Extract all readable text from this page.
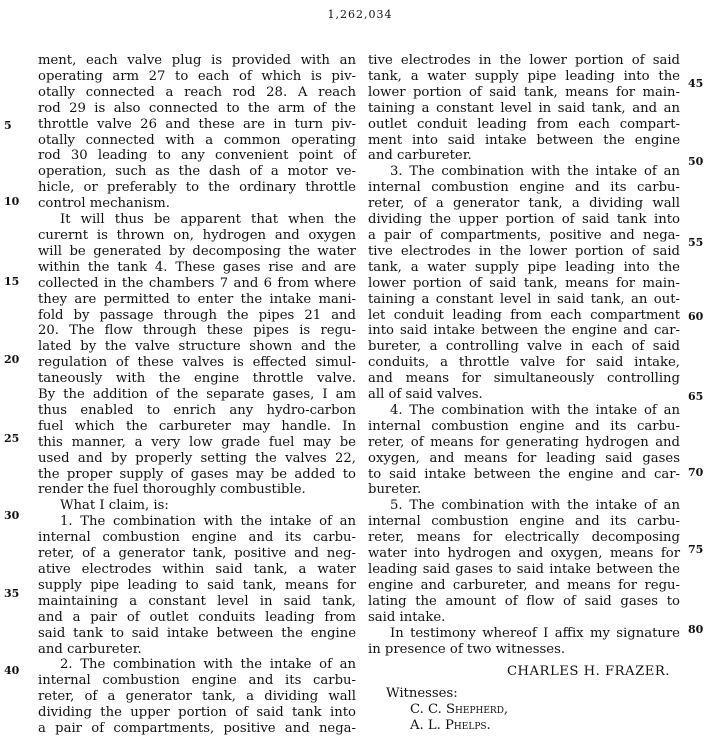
1,262,034

ment, each valve plug is provided with an
operating arm 27 to each of which is piv-
otally connected a reach rod 28. A reach
rod 29 is also connected to the arm of the
throttle valve 26 and these are in turn piv-
otally connected with a common operating
rod 30 leading to any convenient point of
operation, such as the dash of a motor ve-
hicle, or preferably to the ordinary throttle
control mechanism.

It will thus be apparent that when the
curernt is thrown on, hydrogen and oxygen
will be generated by decomposing the water
within the tank 4. These gases rise and are
collected in the chambers 7 and 6 from where
they are permitted to enter the intake mani-
fold by passage through the pipes 21 and
20. The flow through these pipes is regu-
lated by the valve structure shown and the
regulation of these valves is effected simul-
taneously with the engine throttle valve.
By the addition of the separate gases, I am
thus enabled to enrich any hydro-carbon
fuel which the carbureter may handle. In
this manner, a very low grade fuel may be
used and by properly setting the valves 22,
the proper supply of gases may be added to
render the fuel thoroughly combustible.

What I claim, is:

1. The combination with the intake of an
internal combustion engine and its carbu-
reter, of a generator tank, positive and neg-
ative electrodes within said tank, a water
supply pipe leading to said tank, means for
maintaining a constant level in said tank,
and a pair of outlet conduits leading from
said tank to said intake between the engine
and carbureter.

2. The combination with the intake of an
internal combustion engine and its carbu-
reter, of a generator tank, a dividing wall
dividing the upper portion of said tank into
a pair of compartments, positive and nega-

tive electrodes in the lower portion of said
tank, a water supply pipe leading into the
lower portion of said tank, means for main-
taining a constant level in said tank, and an
outlet conduit leading from each compart-
ment into said intake between the engine
and carbureter.

3. The combination with the intake of an
internal combustion engine and its carbu-
reter, of a generator tank, a dividing wall
dividing the upper portion of said tank into
a pair of compartments, positive and nega-
tive electrodes in the lower portion of said
tank, a water supply pipe leading into the
lower portion of said tank, means for main-
taining a constant level in said tank, an out-
let conduit leading from each compartment
into said intake between the engine and car-
bureter, a controlling valve in each of said
conduits, a throttle valve for said intake,
and means for simultaneously controlling
all of said valves.

4. The combination with the intake of an
internal combustion engine and its carbu-
reter, of means for generating hydrogen and
oxygen, and means for leading said gases
to said intake between the engine and car-
bureter.

5. The combination with the intake of an
internal combustion engine and its carbu-
reter, means for electrically decomposing
water into hydrogen and oxygen, means for
leading said gases to said intake between the
engine and carbureter, and means for regu-
lating the amount of flow of said gases to
said intake.

In testimony whereof I affix my signature
in presence of two witnesses.

CHARLES H. FRAZER.

Witnesses:
C. C. Shepherd,
A. L. Phelps.

5
10
15
20
25
30
35
40
45
50
55
60
65
70
75
80
